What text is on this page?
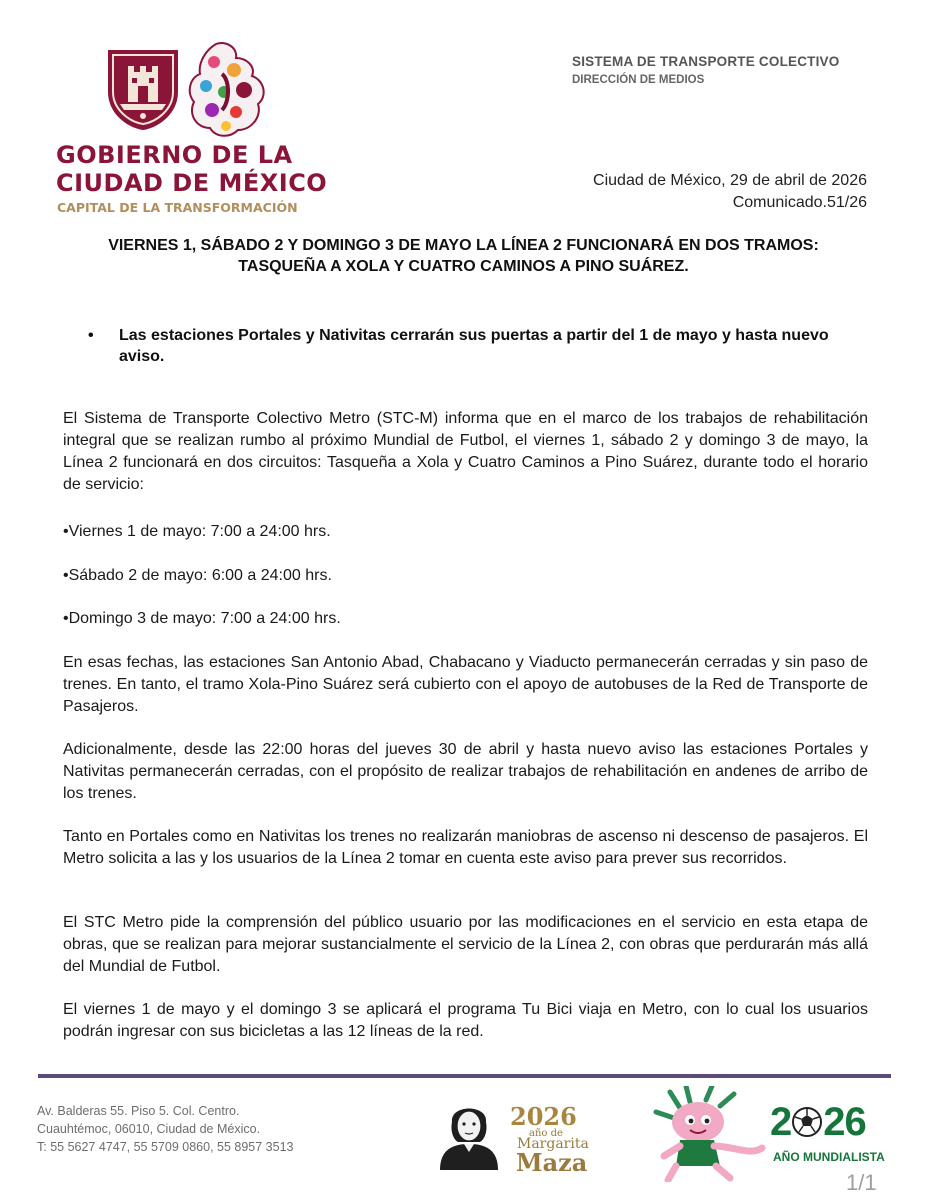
GOBIERNO DE LA
CIUDAD DE MÉXICO
CAPITAL DE LA TRANSFORMACIÓN
SISTEMA DE TRANSPORTE COLECTIVO
DIRECCIÓN DE MEDIOS
Ciudad de México, 29 de abril de 2026
Comunicado.51/26
VIERNES 1, SÁBADO 2 Y DOMINGO 3 DE MAYO LA LÍNEA 2 FUNCIONARÁ EN DOS TRAMOS:
TASQUEÑA A XOLA Y CUATRO CAMINOS A PINO SUÁREZ.
• Las estaciones Portales y Nativitas cerrarán sus puertas a partir del 1 de mayo y hasta nuevo aviso.
El Sistema de Transporte Colectivo Metro (STC-M) informa que en el marco de los trabajos de rehabilitación integral que se realizan rumbo al próximo Mundial de Futbol, el viernes 1, sábado 2 y domingo 3 de mayo, la Línea 2 funcionará en dos circuitos: Tasqueña a Xola y Cuatro Caminos a Pino Suárez, durante todo el horario de servicio:
•Viernes 1 de mayo: 7:00 a 24:00 hrs.
•Sábado 2 de mayo: 6:00 a 24:00 hrs.
•Domingo 3 de mayo: 7:00 a 24:00 hrs.
En esas fechas, las estaciones San Antonio Abad, Chabacano y Viaducto permanecerán cerradas y sin paso de trenes. En tanto, el tramo Xola-Pino Suárez será cubierto con el apoyo de autobuses de la Red de Transporte de Pasajeros.
Adicionalmente, desde las 22:00 horas del jueves 30 de abril y hasta nuevo aviso las estaciones Portales y Nativitas permanecerán cerradas, con el propósito de realizar trabajos de rehabilitación en andenes de arribo de los trenes.
Tanto en Portales como en Nativitas los trenes no realizarán maniobras de ascenso ni descenso de pasajeros. El Metro solicita a las y los usuarios de la Línea 2 tomar en cuenta este aviso para prever sus recorridos.
El STC Metro pide la comprensión del público usuario por las modificaciones en el servicio en esta etapa de obras, que se realizan para mejorar sustancialmente el servicio de la Línea 2, con obras que perdurarán más allá del Mundial de Futbol.
El viernes 1 de mayo y el domingo 3 se aplicará el programa Tu Bici viaja en Metro, con lo cual los usuarios podrán ingresar con sus bicicletas a las 12 líneas de la red.
Av. Balderas 55. Piso 5. Col. Centro.
Cuauhtémoc, 06010, Ciudad de México.
T: 55 5627 4747, 55 5709 0860, 55 8957 3513
2026
año de
Margarita
Maza
2 26
AÑO MUNDIALISTA
1/1
